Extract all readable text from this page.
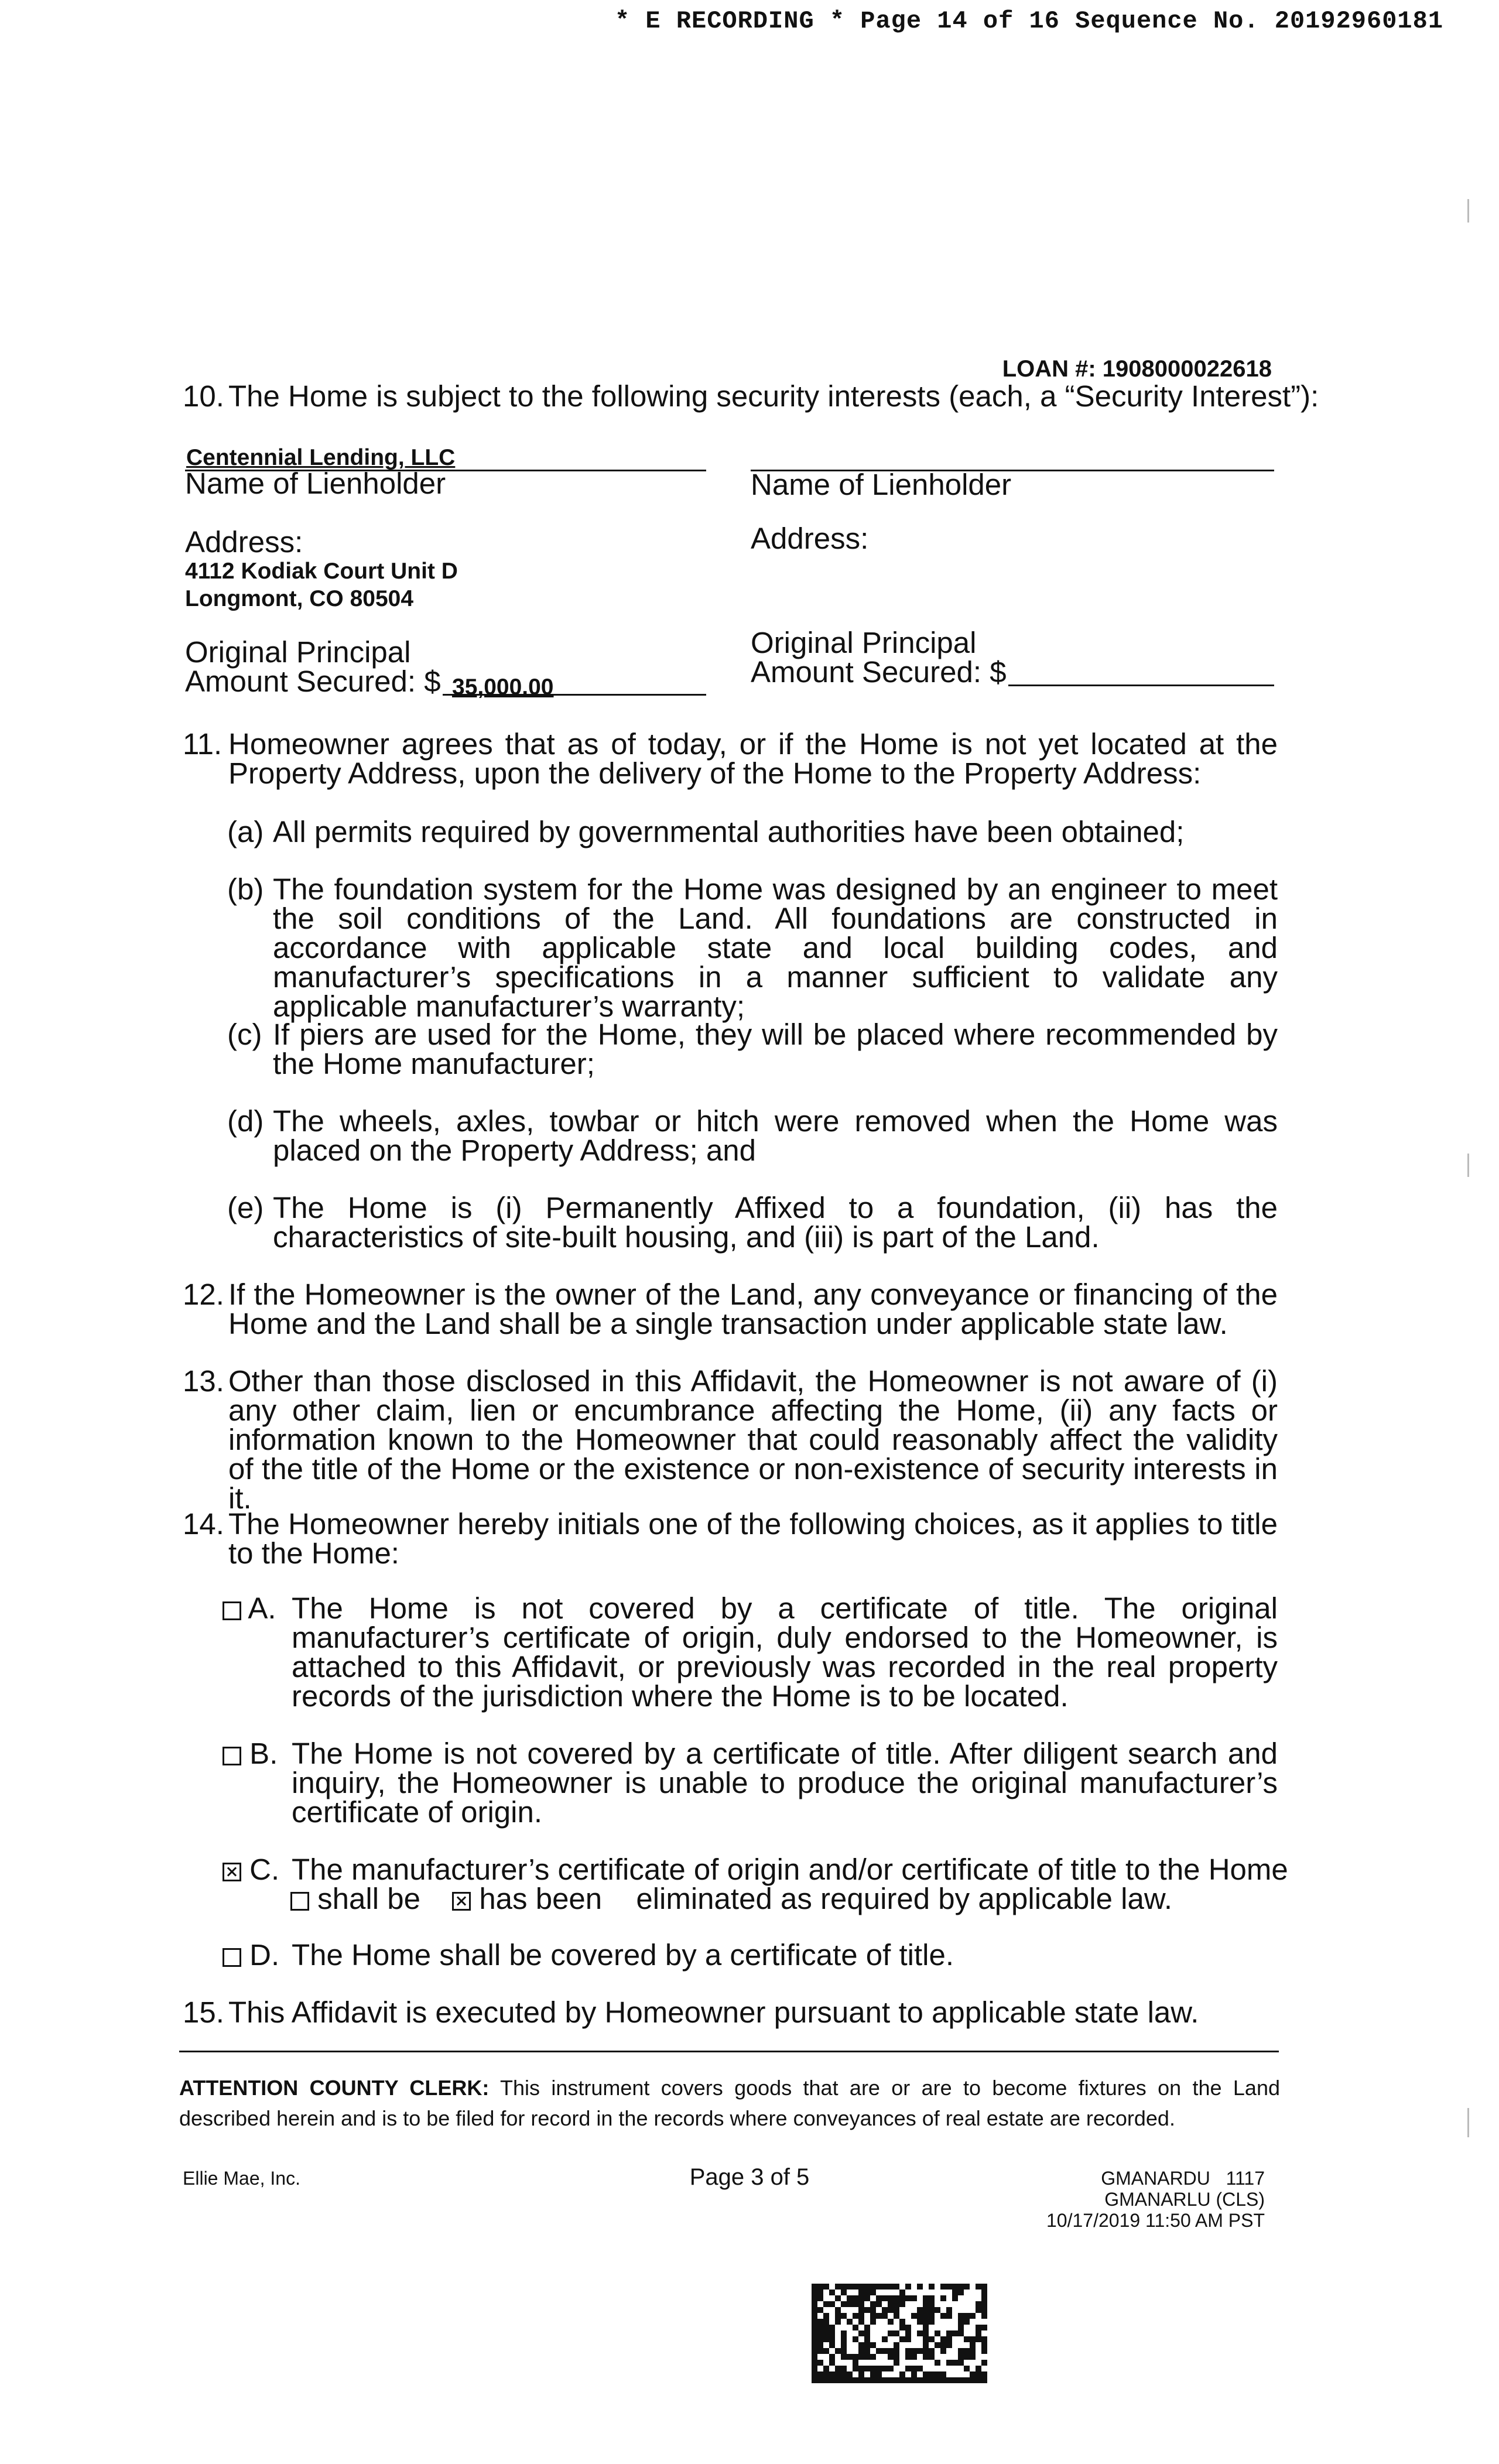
* E RECORDING * Page 14 of 16 Sequence No. 20192960181
LOAN #: 1908000022618
10. The Home is subject to the following security interests (each, a “Security Interest”):
Centennial Lending, LLC
Name of Lienholder
Address:
4112 Kodiak Court Unit D
Longmont, CO 80504
Original Principal
Amount Secured: $ 35,000.00
Name of Lienholder
Address:
Original Principal
Amount Secured: $
11. Homeowner agrees that as of today, or if the Home is not yet located at the Property Address, upon the delivery of the Home to the Property Address:
(a) All permits required by governmental authorities have been obtained;
(b) The foundation system for the Home was designed by an engineer to meet the soil conditions of the Land. All foundations are constructed in accordance with applicable state and local building codes, and manufacturer’s specifications in a manner sufficient to validate any applicable manufacturer’s warranty;
(c) If piers are used for the Home, they will be placed where recommended by the Home manufacturer;
(d) The wheels, axles, towbar or hitch were removed when the Home was placed on the Property Address; and
(e) The Home is (i) Permanently Affixed to a foundation, (ii) has the characteristics of site-built housing, and (iii) is part of the Land.
12. If the Homeowner is the owner of the Land, any conveyance or financing of the Home and the Land shall be a single transaction under applicable state law.
13. Other than those disclosed in this Affidavit, the Homeowner is not aware of (i) any other claim, lien or encumbrance affecting the Home, (ii) any facts or information known to the Homeowner that could reasonably affect the validity of the title of the Home or the existence or non-existence of security interests in it.
14. The Homeowner hereby initials one of the following choices, as it applies to title to the Home:
A. The Home is not covered by a certificate of title. The original manufacturer’s certificate of origin, duly endorsed to the Homeowner, is attached to this Affidavit, or previously was recorded in the real property records of the jurisdiction where the Home is to be located.
B. The Home is not covered by a certificate of title. After diligent search and inquiry, the Homeowner is unable to produce the original manufacturer’s certificate of origin.
C. The manufacturer’s certificate of origin and/or certificate of title to the Home
shall be has been eliminated as required by applicable law.
D. The Home shall be covered by a certificate of title.
15. This Affidavit is executed by Homeowner pursuant to applicable state law.
ATTENTION COUNTY CLERK: This instrument covers goods that are or are to become fixtures on the Land described herein and is to be filed for record in the records where conveyances of real estate are recorded.
Ellie Mae, Inc.	Page 3 of 5	GMANARDU   1117
GMANARLU (CLS)
10/17/2019 11:50 AM PST
